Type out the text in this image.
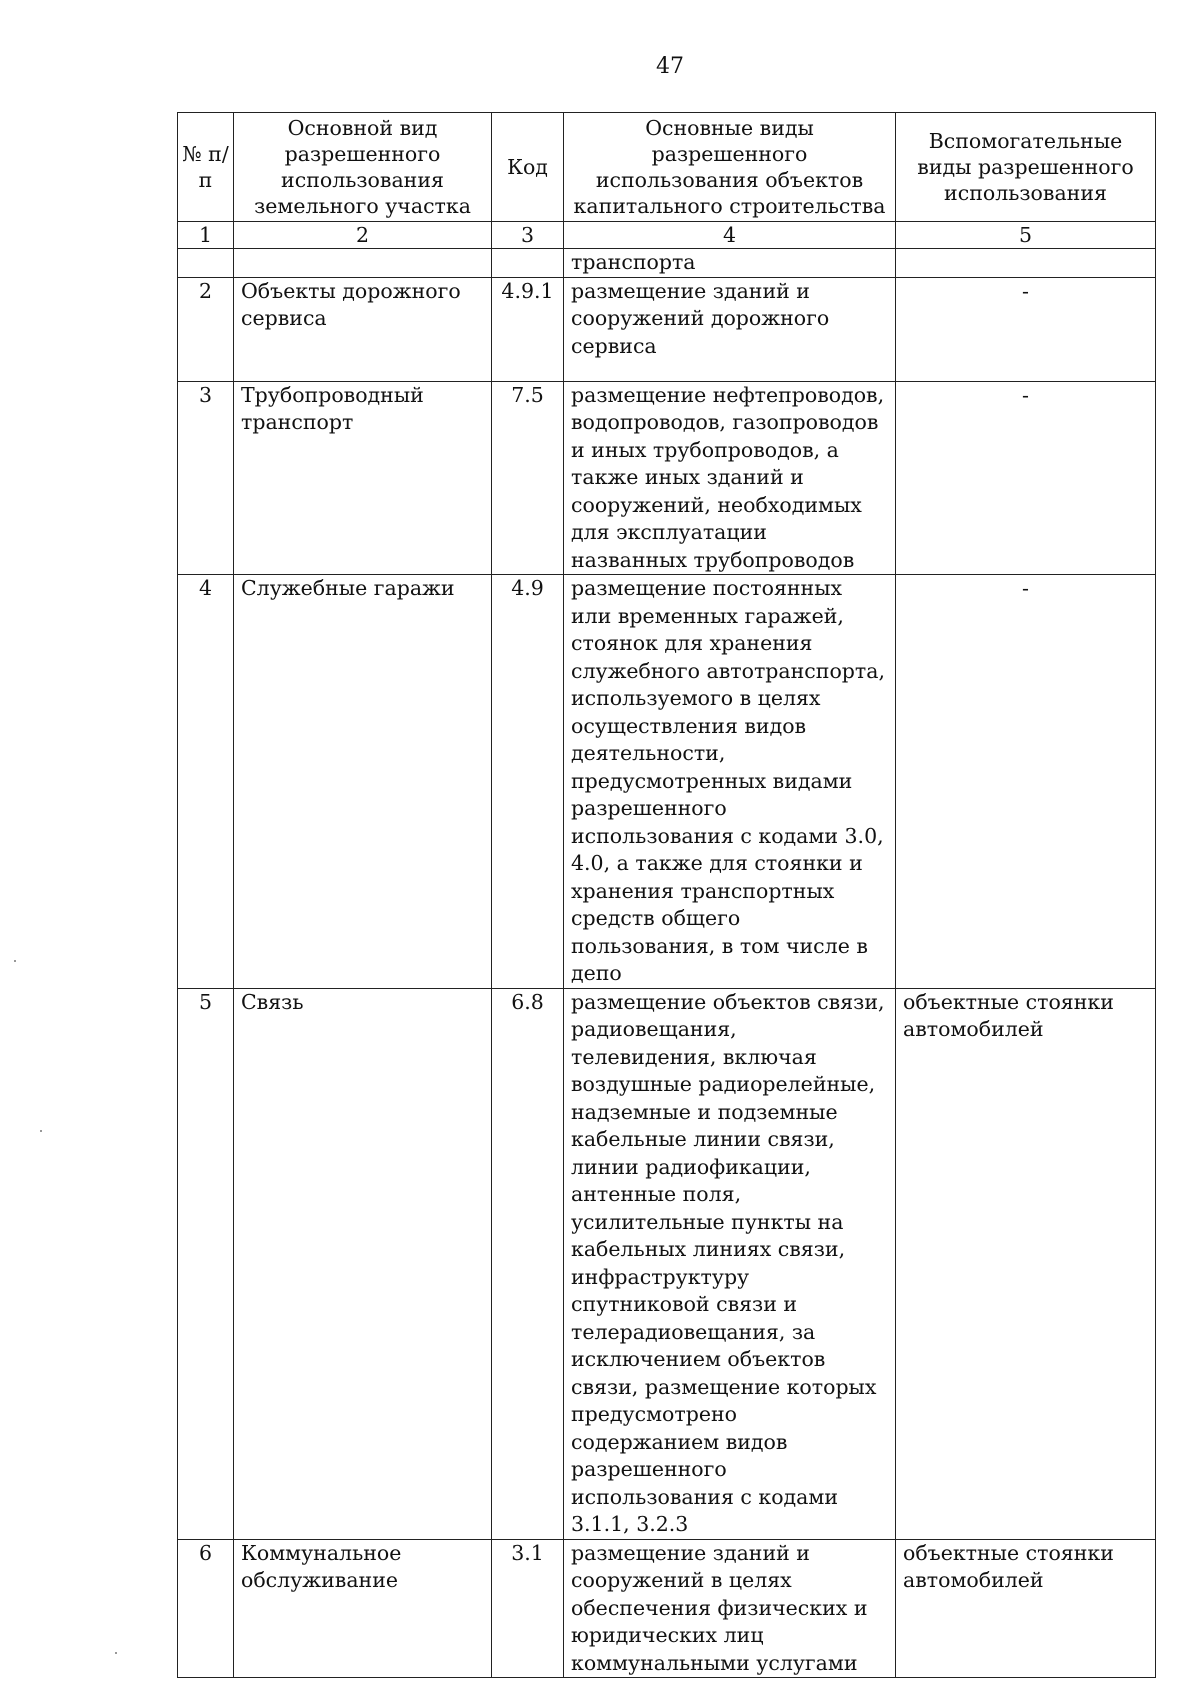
47
№ п/п	Основной вид разрешенного использования земельного участка	Код	Основные виды разрешенного использования объектов капитального строительства	Вспомогательные виды разрешенного использования
1	2	3	4	5
			транспорта	
2	Объекты дорожного сервиса	4.9.1	размещение зданий и сооружений дорожного сервиса	-
3	Трубопроводный транспорт	7.5	размещение нефтепроводов, водопроводов, газопроводов и иных трубопроводов, а также иных зданий и сооружений, необходимых для эксплуатации названных трубопроводов	-
4	Служебные гаражи	4.9	размещение постоянных или временных гаражей, стоянок для хранения служебного автотранспорта, используемого в целях осуществления видов деятельности, предусмотренных видами разрешенного использования с кодами 3.0, 4.0, а также для стоянки и хранения транспортных средств общего пользования, в том числе в депо	-
5	Связь	6.8	размещение объектов связи, радиовещания, телевидения, включая воздушные радиорелейные, надземные и подземные кабельные линии связи, линии радиофикации, антенные поля, усилительные пункты на кабельных линиях связи, инфраструктуру спутниковой связи и телерадиовещания, за исключением объектов связи, размещение которых предусмотрено содержанием видов разрешенного использования с кодами 3.1.1, 3.2.3	объектные стоянки автомобилей
6	Коммунальное обслуживание	3.1	размещение зданий и сооружений в целях обеспечения физических и юридических лиц коммунальными услугами	объектные стоянки автомобилей
